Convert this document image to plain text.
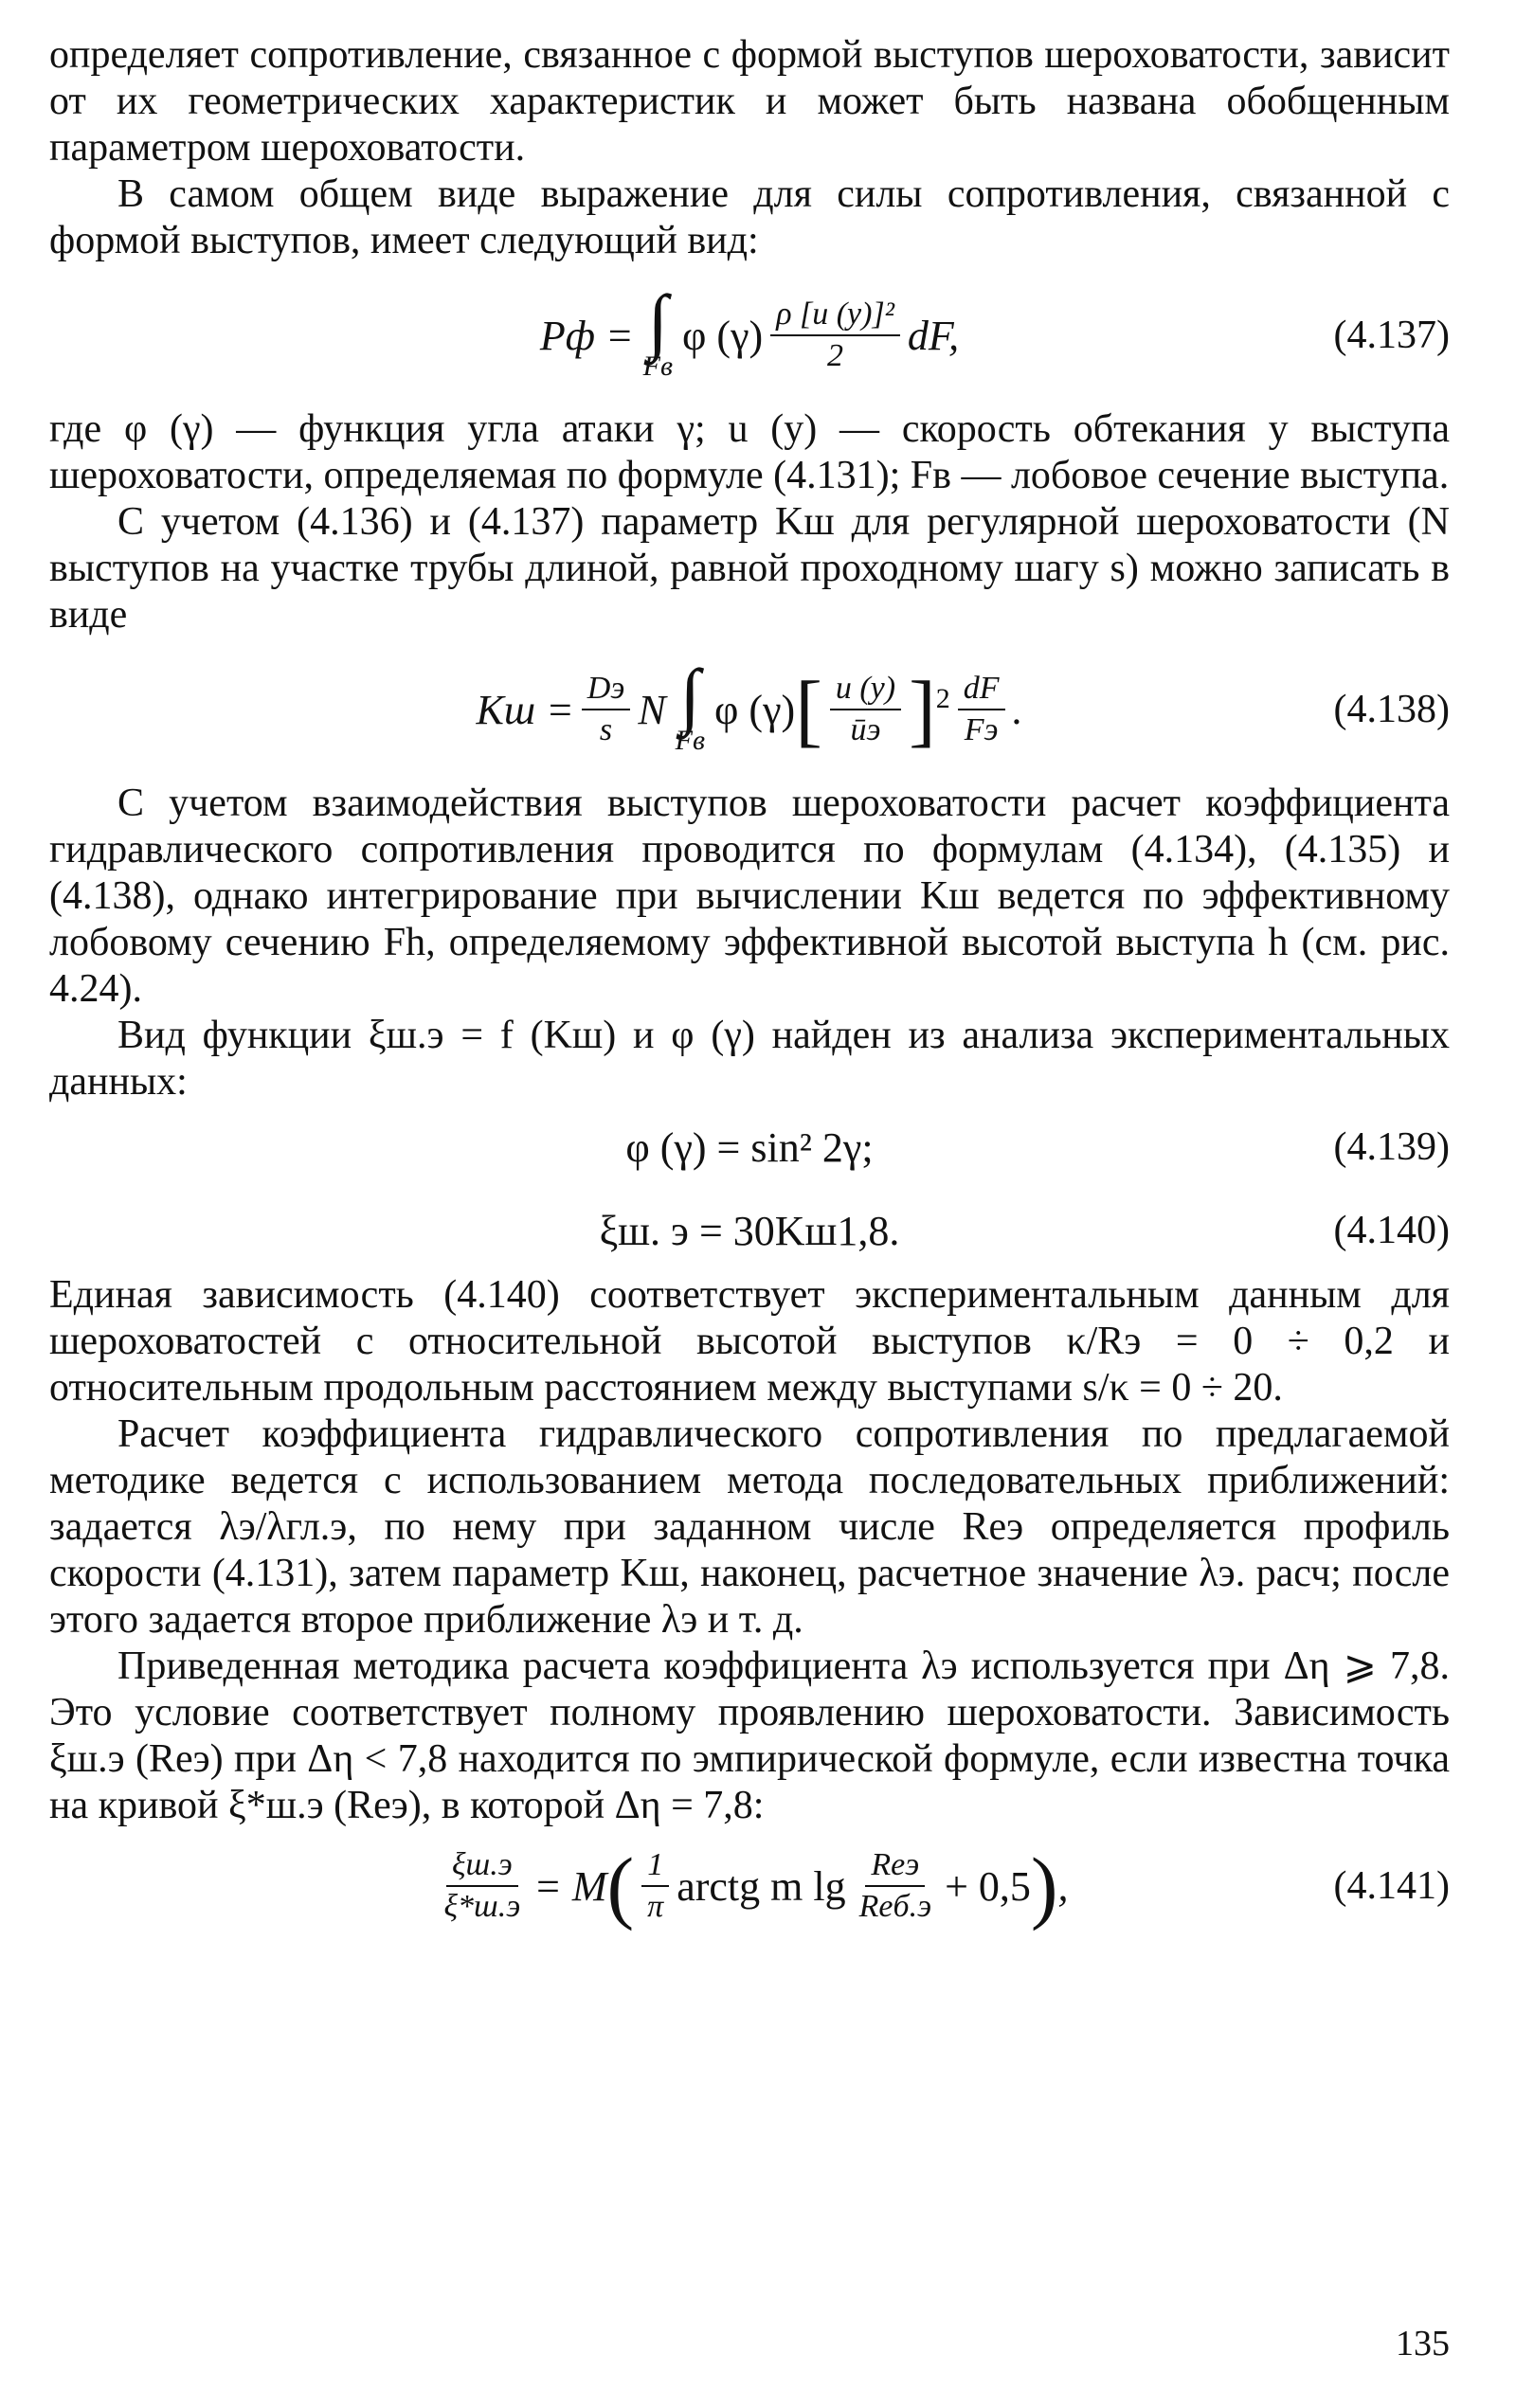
определяет сопротивление, связанное с формой выступов шероховатости, зависит от их геометрических характеристик и может быть названа обобщенным параметром шероховатости.

В самом общем виде выражение для силы сопротивления, связанной с формой выступов, имеет следующий вид:

Pф = ∫
Fв
φ $(\gamma) \frac{\text{ρ [u (y)]²}}{2}$ dF,	(4.137)

где φ (γ) — функция угла атаки γ; u (y) — скорость обтекания у выступа шероховатости, определяемая по формуле (4.131); Fв — лобовое сечение выступа.

С учетом (4.136) и (4.137) параметр Kш для регулярной шероховатости (N выступов на участке трубы длиной, равной проходному шагу s) можно записать в виде

Kш = $\frac{Dэ}{s}$ N ∫
Fв
φ (γ) [ $\frac{u (y)}{ūэ} ]^2 \frac{dF}{Fэ}$ .	(4.138)

С учетом взаимодействия выступов шероховатости расчет коэффициента гидравлического сопротивления проводится по формулам (4.134), (4.135) и (4.138), однако интегрирование при вычислении Kш ведется по эффективному лобовому сечению Fh, определяемому эффективной высотой выступа h (см. рис. 4.24).

Вид функции ξш.э = f (Kш) и φ (γ) найден из анализа экспериментальных данных:

φ (γ) = sin² 2γ;	(4.139)
ξш. э = 30Kш1,8.	(4.140)

Единая зависимость (4.140) соответствует экспериментальным данным для шероховатостей с относительной высотой выступов κ/Rэ = 0 ÷ 0,2 и относительным продольным расстоянием между выступами s/κ = 0 ÷ 20.

Расчет коэффициента гидравлического сопротивления по предлагаемой методике ведется с использованием метода последовательных приближений: задается λэ/λгл.э, по нему при заданном числе Reэ определяется профиль скорости (4.131), затем параметр Kш, наконец, расчетное значение λэ. расч; после этого задается второе приближение λэ и т. д.

Приведенная методика расчета коэффициента λэ используется при Δη ⩾ 7,8. Это условие соответствует полному проявлению шероховатости. Зависимость ξш.э (Reэ) при Δη < 7,8 находится по эмпирической формуле, если известна точка на кривой ξ*ш.э (Reэ), в которой Δη = 7,8:

$\frac{\xi ш.э}{\xi*ш.э} = M$ ( $\frac{1}{\pi}$ arctg m $\lg \frac{\text{Reэ}}{\text{Reб.э}} + 0,5$ ) ,	(4.141)
135
